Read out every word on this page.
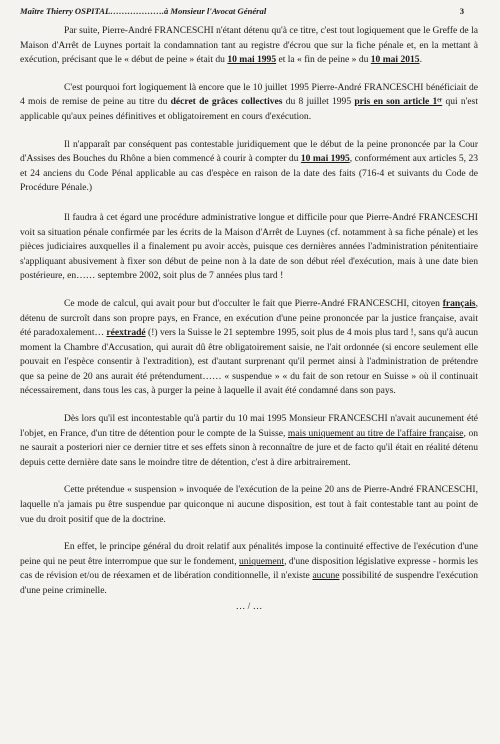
Maître Thierry OSPITAL……………….à Monsieur l'Avocat Général	3

Par suite, Pierre-André FRANCESCHI n'étant détenu qu'à ce titre, c'est tout logiquement que le Greffe de la Maison d'Arrêt de Luynes portait la condamnation tant au registre d'écrou que sur la fiche pénale et, en la mettant à exécution, précisant que le « début de peine » était du 10 mai 1995 et la « fin de peine » du 10 mai 2015.

C'est pourquoi fort logiquement là encore que le 10 juillet 1995 Pierre-André FRANCESCHI bénéficiait de 4 mois de remise de peine au titre du décret de grâces collectives du 8 juillet 1995 pris en son article 1ᵉʳ qui n'est applicable qu'aux peines définitives et obligatoirement en cours d'exécution.

Il n'apparaît par conséquent pas contestable juridiquement que le début de la peine prononcée par la Cour d'Assises des Bouches du Rhône a bien commencé à courir à compter du 10 mai 1995, conformément aux articles 5, 23 et 24 anciens du Code Pénal applicable au cas d'espèce en raison de la date des faits (716-4 et suivants du Code de Procédure Pénale.)

Il faudra à cet égard une procédure administrative longue et difficile pour que Pierre-André FRANCESCHI voit sa situation pénale confirmée par les écrits de la Maison d'Arrêt de Luynes (cf. notamment à sa fiche pénale) et les pièces judiciaires auxquelles il a finalement pu avoir accès, puisque ces dernières années l'administration pénitentiaire s'appliquant abusivement à fixer son début de peine non à la date de son début réel d'exécution, mais à une date bien postérieure, en…… septembre 2002, soit plus de 7 années plus tard !

Ce mode de calcul, qui avait pour but d'occulter le fait que Pierre-André FRANCESCHI, citoyen français, détenu de surcroît dans son propre pays, en France, en exécution d'une peine prononcée par la justice française, avait été paradoxalement… réextradé (!) vers la Suisse le 21 septembre 1995, soit plus de 4 mois plus tard !, sans qu'à aucun moment la Chambre d'Accusation, qui aurait dû être obligatoirement saisie, ne l'ait ordonnée (si encore seulement elle pouvait en l'espèce consentir à l'extradition), est d'autant surprenant qu'il permet ainsi à l'administration de prétendre que sa peine de 20 ans aurait été prétendument…… « suspendue » « du fait de son retour en Suisse » où il continuait nécessairement, dans tous les cas, à purger la peine à laquelle il avait été condamné dans son pays.

Dès lors qu'il est incontestable qu'à partir du 10 mai 1995 Monsieur FRANCESCHI n'avait aucunement été l'objet, en France, d'un titre de détention pour le compte de la Suisse, mais uniquement au titre de l'affaire française, on ne saurait a posteriori nier ce dernier titre et ses effets sinon à reconnaître de jure et de facto qu'il était en réalité détenu depuis cette dernière date sans le moindre titre de détention, c'est à dire arbitrairement.

Cette prétendue « suspension » invoquée de l'exécution de la peine 20 ans de Pierre-André FRANCESCHI, laquelle n'a jamais pu être suspendue par quiconque ni aucune disposition, est tout à fait contestable tant au point de vue du droit positif que de la doctrine.

En effet, le principe général du droit relatif aux pénalités impose la continuité effective de l'exécution d'une peine qui ne peut être interrompue que sur le fondement, uniquement, d'une disposition législative expresse - hormis les cas de révision et/ou de réexamen et de libération conditionnelle, il n'existe aucune possibilité de suspendre l'exécution d'une peine criminelle.

… / …
